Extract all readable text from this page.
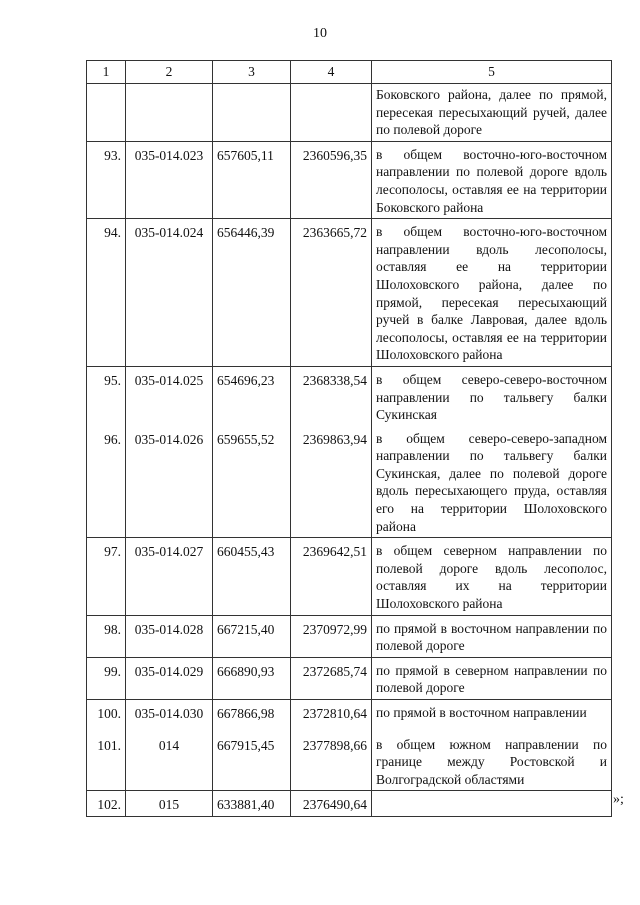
10
1	2	3	4	5

				Боковского района, далее по прямой, пересекая пересыхающий ручей, далее по полевой дороге

93.	035-014.023	657605,11	2360596,35	в общем восточно-юго-восточном направлении по полевой дороге вдоль лесополосы, оставляя ее на территории Боковского района

94.	035-014.024	656446,39	2363665,72	в общем восточно-юго-восточном направлении вдоль лесополосы, оставляя ее на территории Шолоховского района, далее по прямой, пересекая пересыхающий ручей в балке Лавровая, далее вдоль лесополосы, оставляя ее на территории Шолоховского района

95.	035-014.025	654696,23	2368338,54	в общем северо-северо-восточном направлении по тальвегу балки Сукинская

96.	035-014.026	659655,52	2369863,94	в общем северо-северо-западном направлении по тальвегу балки Сукинская, далее по полевой дороге вдоль пересыхающего пруда, оставляя его на территории Шолоховского района

97.	035-014.027	660455,43	2369642,51	в общем северном направлении по полевой дороге вдоль лесополос, оставляя их на территории Шолоховского района

98.	035-014.028	667215,40	2370972,99	по прямой в восточном направлении по полевой дороге

99.	035-014.029	666890,93	2372685,74	по прямой в северном направлении по полевой дороге

100.	035-014.030	667866,98	2372810,64	по прямой в восточном направлении

101.	014	667915,45	2377898,66	в общем южном направлении по границе между Ростовской и Волгоградской областями

102.	015	633881,40	2376490,64	
		»;
